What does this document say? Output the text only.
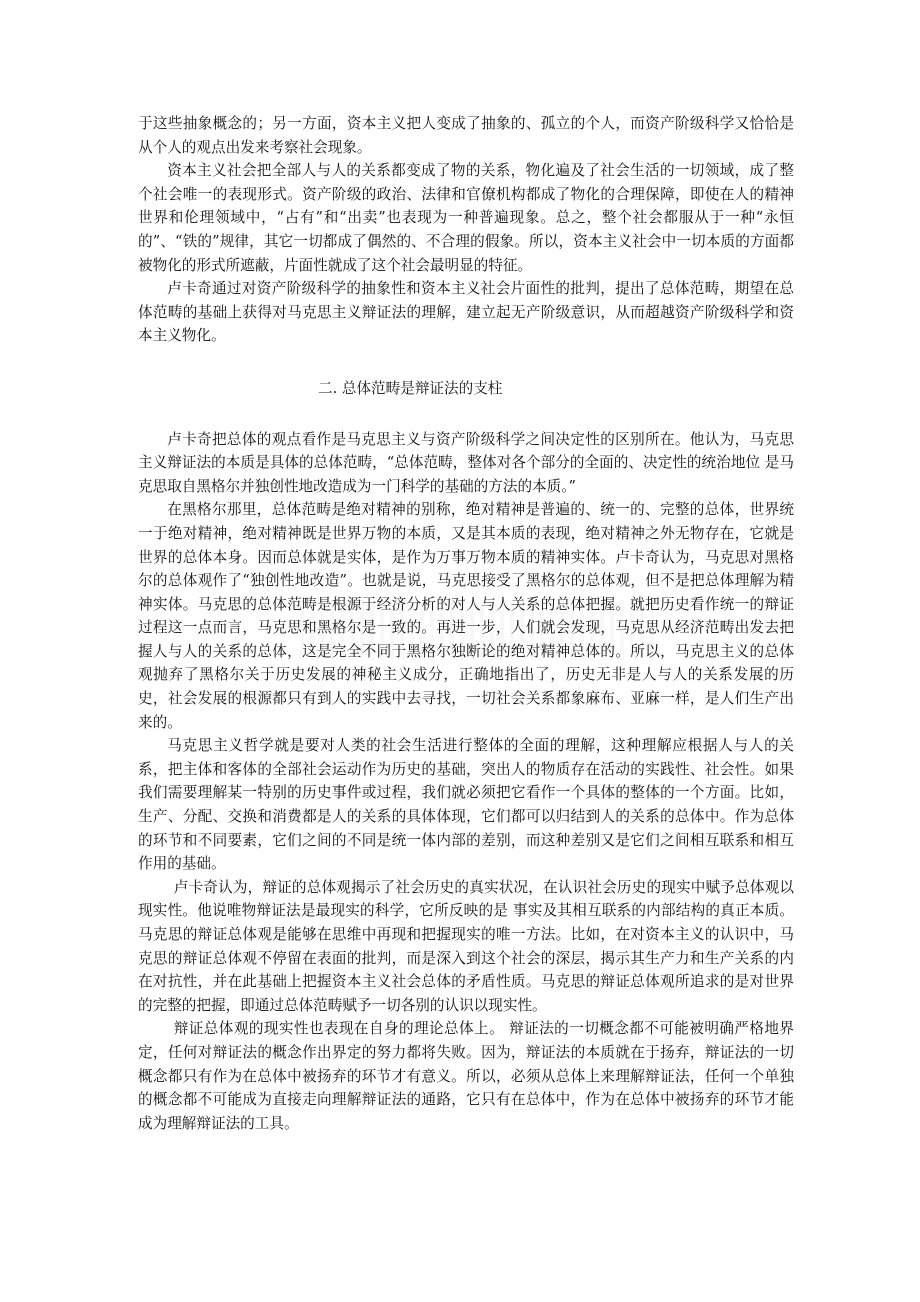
于这些抽象概念的；另一方面，资本主义把人变成了抽象的、孤立的个人，而资产阶级科学又恰恰是从个人的观点出发来考察社会现象。

资本主义社会把全部人与人的关系都变成了物的关系，物化遍及了社会生活的一切领域，成了整个社会唯一的表现形式。资产阶级的政治、法律和官僚机构都成了物化的合理保障，即使在人的精神世界和伦理领域中，“占有”和“出卖”也表现为一种普遍现象。总之，整个社会都服从于一种“永恒的”、“铁的”规律，其它一切都成了偶然的、不合理的假象。所以，资本主义社会中一切本质的方面都被物化的形式所遮蔽，片面性就成了这个社会最明显的特征。

卢卡奇通过对资产阶级科学的抽象性和资本主义社会片面性的批判，提出了总体范畴，期望在总体范畴的基础上获得对马克思主义辩证法的理解，建立起无产阶级意识，从而超越资产阶级科学和资本主义物化。

二. 总体范畴是辩证法的支柱

卢卡奇把总体的观点看作是马克思主义与资产阶级科学之间决定性的区别所在。他认为，马克思主义辩证法的本质是具体的总体范畴，“总体范畴，整体对各个部分的全面的、决定性的统治地位 是马克思取自黑格尔并独创性地改造成为一门科学的基础的方法的本质。”

在黑格尔那里，总体范畴是绝对精神的别称，绝对精神是普遍的、统一的、完整的总体，世界统一于绝对精神，绝对精神既是世界万物的本质，又是其本质的表现，绝对精神之外无物存在，它就是世界的总体本身。因而总体就是实体，是作为万事万物本质的精神实体。卢卡奇认为，马克思对黑格尔的总体观作了“独创性地改造”。也就是说，马克思接受了黑格尔的总体观，但不是把总体理解为精神实体。马克思的总体范畴是根源于经济分析的对人与人关系的总体把握。就把历史看作统一的辩证过程这一点而言，马克思和黑格尔是一致的。再进一步，人们就会发现，马克思从经济范畴出发去把握人与人的关系的总体，这是完全不同于黑格尔独断论的绝对精神总体的。所以，马克思主义的总体观抛弃了黑格尔关于历史发展的神秘主义成分，正确地指出了，历史无非是人与人的关系发展的历史，社会发展的根源都只有到人的实践中去寻找，一切社会关系都象麻布、亚麻一样，是人们生产出来的。

马克思主义哲学就是要对人类的社会生活进行整体的全面的理解，这种理解应根据人与人的关系，把主体和客体的全部社会运动作为历史的基础，突出人的物质存在活动的实践性、社会性。如果我们需要理解某一特别的历史事件或过程，我们就必须把它看作一个具体的整体的一个方面。比如，生产、分配、交换和消费都是人的关系的具体体现，它们都可以归结到人的关系的总体中。作为总体的环节和不同要素，它们之间的不同是统一体内部的差别，而这种差别又是它们之间相互联系和相互作用的基础。

卢卡奇认为，辩证的总体观揭示了社会历史的真实状况，在认识社会历史的现实中赋予总体观以现实性。他说唯物辩证法是最现实的科学，它所反映的是 事实及其相互联系的内部结构的真正本质。马克思的辩证总体观是能够在思维中再现和把握现实的唯一方法。比如，在对资本主义的认识中，马克思的辩证总体观不停留在表面的批判，而是深入到这个社会的深层，揭示其生产力和生产关系的内在对抗性，并在此基础上把握资本主义社会总体的矛盾性质。马克思的辩证总体观所追求的是对世界的完整的把握，即通过总体范畴赋予一切各别的认识以现实性。

辩证总体观的现实性也表现在自身的理论总体上。 辩证法的一切概念都不可能被明确严格地界定，任何对辩证法的概念作出界定的努力都将失败。因为，辩证法的本质就在于扬弃，辩证法的一切概念都只有作为在总体中被扬弃的环节才有意义。所以，必须从总体上来理解辩证法，任何一个单独的概念都不可能成为直接走向理解辩证法的通路，它只有在总体中，作为在总体中被扬弃的环节才能成为理解辩证法的工具。
